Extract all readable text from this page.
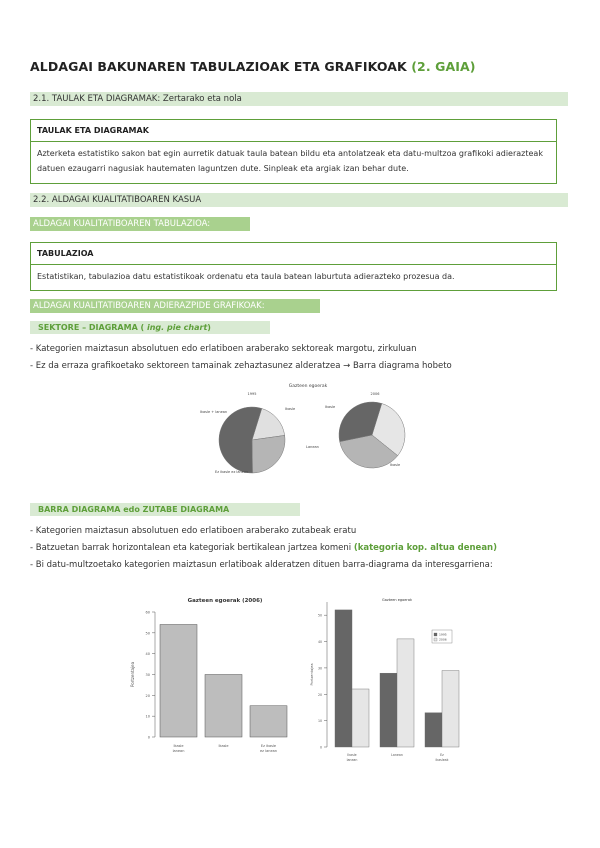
ALDAGAI BAKUNAREN TABULAZIOAK ETA GRAFIKOAK (2. GAIA)
2.1. TAULAK ETA DIAGRAMAK: Zertarako eta nola
TAULAK ETA DIAGRAMAK
Azterketa estatistiko sakon bat egin aurretik datuak taula batean bildu eta antolatzeak eta datu-multzoa grafikoki adierazteak datuen ezaugarri nagusiak hautematen laguntzen dute. Sinpleak eta argiak izan behar dute.
2.2. ALDAGAI KUALITATIBOAREN KASUA
ALDAGAI KUALITATIBOAREN TABULAZIOA:
TABULAZIOA
Estatistikan, tabulazioa datu estatistikoak ordenatu eta taula batean laburtuta adierazteko prozesua da.
ALDAGAI KUALITATIBOAREN ADIERAZPIDE GRAFIKOAK:
SEKTORE – DIAGRAMA ( ing. pie chart)
- Kategorien maiztasun absolutuen edo erlatiboen araberako sektoreak margotu, zirkuluan
- Ez da erraza grafikoetako sektoreen tamainak zehaztasunez alderatzea → Barra diagrama hobeto
Gazteen egoerak
1995	2006
Ikasle + lanean
Ikasle
Ez ikasle ez lanean
Ikasle
Lanean
Ikasle
BARRA DIAGRAMA edo ZUTABE DIAGRAMA
- Kategorien maiztasun absolutuen edo erlatiboen araberako zutabeak eratu
- Batzuetan barrak horizontalean eta kategoriak bertikalean jartzea komeni (kategoria kop. altua denean)
- Bi datu-multzoetako kategorien maiztasun erlatiboak alderatzen dituen barra-diagrama da interesgarriena:
Gazteen egoerak (2006)
0
10
20
30
40
50
60
Portzentajea
Ikasle
lanean
Ikasle	Ez ikasle
ez lanean
Gazteen egoerak
0
10
20
30
40
50
Portzentajea
Ikasle
lanean
Lanean	Ez
ikasleak
1995
2006
